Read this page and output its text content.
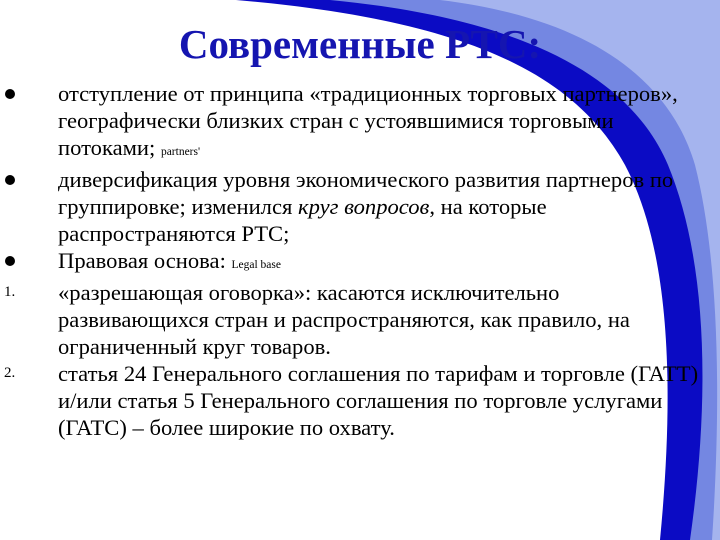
Современные РТС:
отступление от принципа «традиционных торговых партнеров», географически близких стран с устоявшимися торговыми потоками; partners'
диверсификация уровня экономического развития партнеров по группировке; изменился круг вопросов, на которые распространяются РТС;
Правовая основа: Legal base
1. «разрешающая оговорка»: касаются исключительно развивающихся стран и распространяются, как правило, на ограниченный круг товаров.
2. статья 24 Генерального соглашения по тарифам и торговле (ГАТТ) и/или статья 5 Генерального соглашения по торговле услугами (ГАТС) – более широкие по охвату.
